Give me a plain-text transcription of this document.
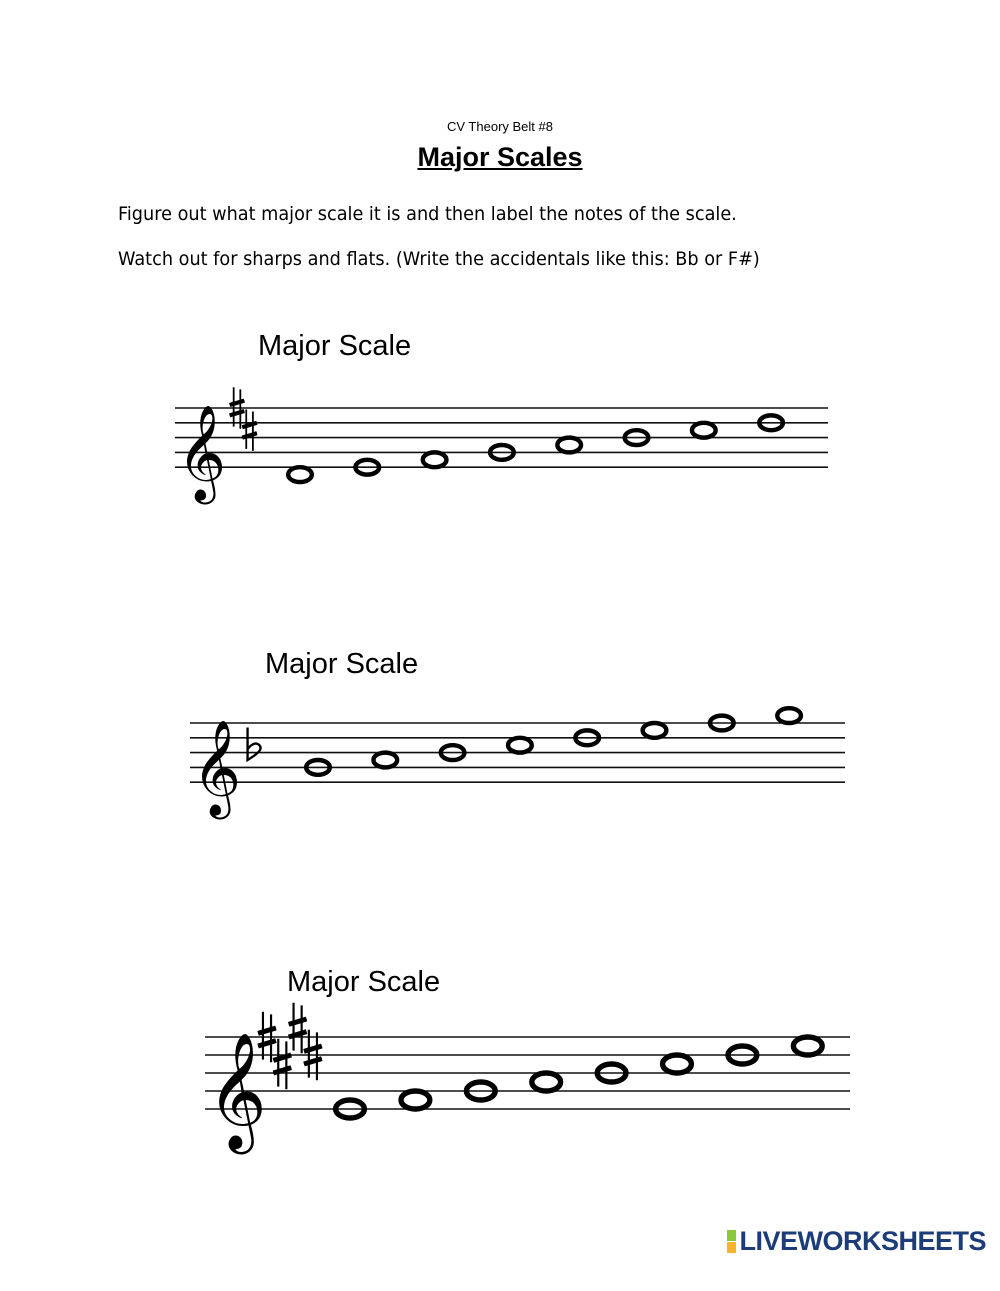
CV Theory Belt #8
Major Scales
Figure out what major scale it is and then label the notes of the scale.
Watch out for sharps and flats. (Write the accidentals like this: Bb or F#)
Major Scale
Major Scale
Major Scale
𝄞
𝄞
𝄞
LIVEWORKSHEETS
